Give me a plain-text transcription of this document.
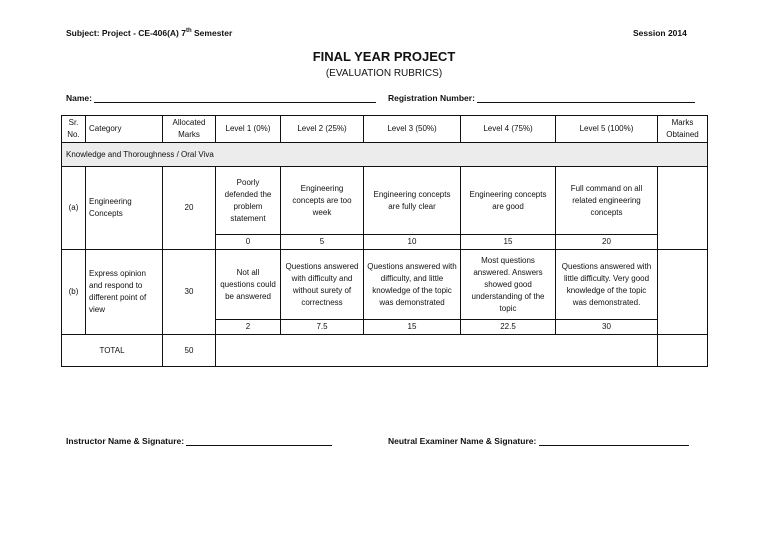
Subject: Project - CE-406(A) 7th Semester	Session 2014
FINAL YEAR PROJECT
(EVALUATION RUBRICS)
Name:	Registration Number:
Sr. No.	Category	Allocated Marks	Level 1 (0%)	Level 2 (25%)	Level 3 (50%)	Level 4 (75%)	Level 5 (100%)	Marks Obtained
Knowledge and Thoroughness / Oral Viva								
(a)	Engineering Concepts	20	Poorly defended the problem statement	Engineering concepts are too week	Engineering concepts are fully clear	Engineering concepts are good	Full command on all related engineering concepts	
			0	5	10	15	20	
(b)	Express opinion and respond to different point of view	30	Not all questions could be answered	Questions answered with difficulty and without surety of correctness	Questions answered with difficulty, and little knowledge of the topic was demonstrated	Most questions answered. Answers showed good understanding of the topic	Questions answered with little difficulty. Very good knowledge of the topic was demonstrated.	
			2	7.5	15	22.5	30	
TOTAL		50						
Instructor Name & Signature:	Neutral Examiner Name & Signature:
